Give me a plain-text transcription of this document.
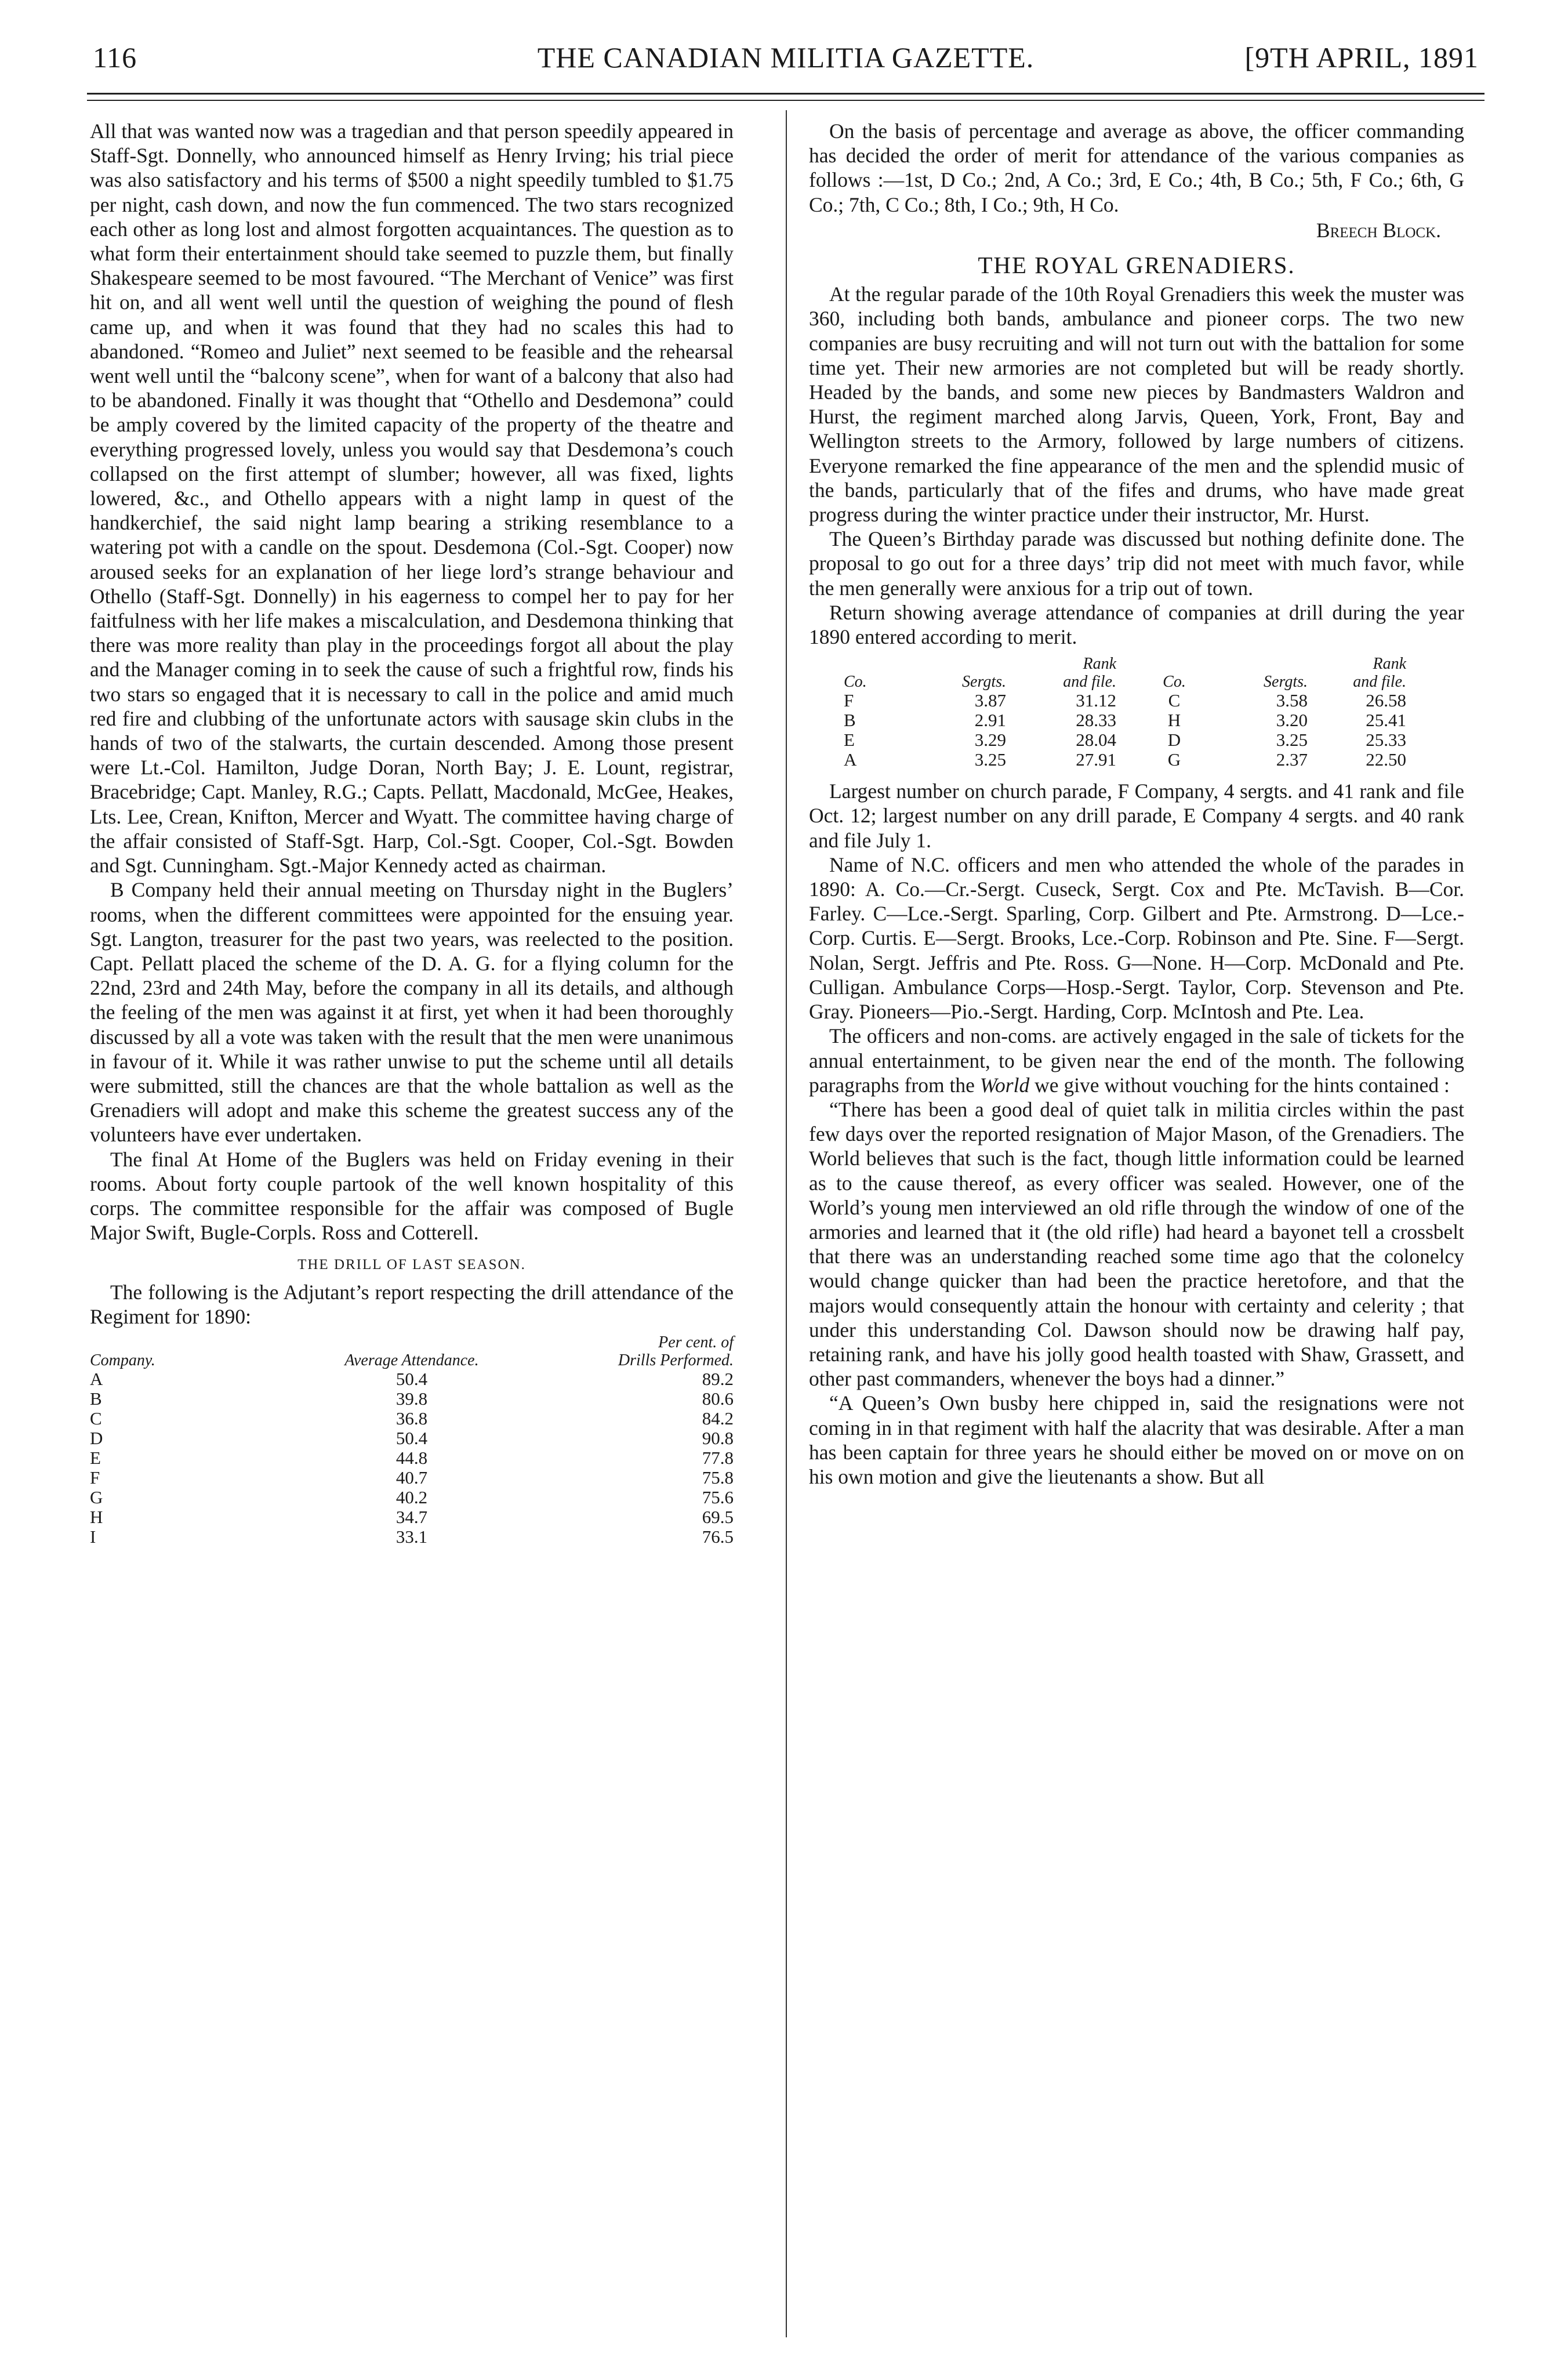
116	THE CANADIAN MILITIA GAZETTE.	[9TH APRIL, 1891

All that was wanted now was a tragedian and that person speedily appeared in Staff-Sgt. Donnelly, who announced himself as Henry Irving; his trial piece was also satisfactory and his terms of $500 a night speedily tumbled to $1.75 per night, cash down, and now the fun commenced. The two stars recognized each other as long lost and almost forgotten acquaintances. The question as to what form their entertainment should take seemed to puzzle them, but finally Shakespeare seemed to be most favoured. “The Merchant of Venice” was first hit on, and all went well until the question of weighing the pound of flesh came up, and when it was found that they had no scales this had to abandoned. “Romeo and Juliet” next seemed to be feasible and the rehearsal went well until the “balcony scene”, when for want of a balcony that also had to be abandoned. Finally it was thought that “Othello and Desdemona” could be amply covered by the limited capacity of the property of the theatre and everything progressed lovely, unless you would say that Desdemona’s couch collapsed on the first attempt of slumber; however, all was fixed, lights lowered, &c., and Othello appears with a night lamp in quest of the handkerchief, the said night lamp bearing a striking resemblance to a watering pot with a candle on the spout. Desdemona (Col.-Sgt. Cooper) now aroused seeks for an explanation of her liege lord’s strange behaviour and Othello (Staff-Sgt. Donnelly) in his eagerness to compel her to pay for her faitfulness with her life makes a miscalculation, and Desdemona thinking that there was more reality than play in the proceedings forgot all about the play and the Manager coming in to seek the cause of such a frightful row, finds his two stars so engaged that it is necessary to call in the police and amid much red fire and clubbing of the unfortunate actors with sausage skin clubs in the hands of two of the stalwarts, the curtain descended. Among those present were Lt.-Col. Hamilton, Judge Doran, North Bay; J. E. Lount, registrar, Bracebridge; Capt. Manley, R.G.; Capts. Pellatt, Macdonald, McGee, Heakes, Lts. Lee, Crean, Knifton, Mercer and Wyatt. The committee having charge of the affair consisted of Staff-Sgt. Harp, Col.-Sgt. Cooper, Col.-Sgt. Bowden and Sgt. Cunningham. Sgt.-Major Kennedy acted as chairman.

B Company held their annual meeting on Thursday night in the Buglers’ rooms, when the different committees were appointed for the ensuing year. Sgt. Langton, treasurer for the past two years, was reelected to the position. Capt. Pellatt placed the scheme of the D. A. G. for a flying column for the 22nd, 23rd and 24th May, before the company in all its details, and although the feeling of the men was against it at first, yet when it had been thoroughly discussed by all a vote was taken with the result that the men were unanimous in favour of it. While it was rather unwise to put the scheme until all details were submitted, still the chances are that the whole battalion as well as the Grenadiers will adopt and make this scheme the greatest success any of the volunteers have ever undertaken.

The final At Home of the Buglers was held on Friday evening in their rooms. About forty couple partook of the well known hospitality of this corps. The committee responsible for the affair was composed of Bugle Major Swift, Bugle-Corpls. Ross and Cotterell.

THE DRILL OF LAST SEASON.

The following is the Adjutant’s report respecting the drill attendance of the Regiment for 1890:

Per cent. of
Company.	Average Attendance.	Drills Performed.
A	50.4	89.2
B	39.8	80.6
C	36.8	84.2
D	50.4	90.8
E	44.8	77.8
F	40.7	75.8
G	40.2	75.6
H	34.7	69.5
I	33.1	76.5

On the basis of percentage and average as above, the officer commanding has decided the order of merit for attendance of the various companies as follows :—1st, D Co.; 2nd, A Co.; 3rd, E Co.; 4th, B Co.; 5th, F Co.; 6th, G Co.; 7th, C Co.; 8th, I Co.; 9th, H Co.

Breech Block.
THE ROYAL GRENADIERS.

At the regular parade of the 10th Royal Grenadiers this week the muster was 360, including both bands, ambulance and pioneer corps. The two new companies are busy recruiting and will not turn out with the battalion for some time yet. Their new armories are not completed but will be ready shortly. Headed by the bands, and some new pieces by Bandmasters Waldron and Hurst, the regiment marched along Jarvis, Queen, York, Front, Bay and Wellington streets to the Armory, followed by large numbers of citizens. Everyone remarked the fine appearance of the men and the splendid music of the bands, particularly that of the fifes and drums, who have made great progress during the winter practice under their instructor, Mr. Hurst.

The Queen’s Birthday parade was discussed but nothing definite done. The proposal to go out for a three days’ trip did not meet with much favor, while the men generally were anxious for a trip out of town.

Return showing average attendance of companies at drill during the year 1890 entered according to merit.

Rank	Rank
Co.	Sergts.	and file.	Co.	Sergts.	and file.
F	3.87	31.12	C	3.58	26.58
B	2.91	28.33	H	3.20	25.41
E	3.29	28.04	D	3.25	25.33
A	3.25	27.91	G	2.37	22.50

Largest number on church parade, F Company, 4 sergts. and 41 rank and file Oct. 12; largest number on any drill parade, E Company 4 sergts. and 40 rank and file July 1.

Name of N.C. officers and men who attended the whole of the parades in 1890: A. Co.—Cr.-Sergt. Cuseck, Sergt. Cox and Pte. McTavish. B—Cor. Farley. C—Lce.-Sergt. Sparling, Corp. Gilbert and Pte. Armstrong. D—Lce.-Corp. Curtis. E—Sergt. Brooks, Lce.-Corp. Robinson and Pte. Sine. F—Sergt. Nolan, Sergt. Jeffris and Pte. Ross. G—None. H—Corp. McDonald and Pte. Culligan. Ambulance Corps—Hosp.-Sergt. Taylor, Corp. Stevenson and Pte. Gray. Pioneers—Pio.-Sergt. Harding, Corp. McIntosh and Pte. Lea.

The officers and non-coms. are actively engaged in the sale of tickets for the annual entertainment, to be given near the end of the month. The following paragraphs from the World we give without vouching for the hints contained :

“There has been a good deal of quiet talk in militia circles within the past few days over the reported resignation of Major Mason, of the Grenadiers. The World believes that such is the fact, though little information could be learned as to the cause thereof, as every officer was sealed. However, one of the World’s young men interviewed an old rifle through the window of one of the armories and learned that it (the old rifle) had heard a bayonet tell a crossbelt that there was an understanding reached some time ago that the colonelcy would change quicker than had been the practice heretofore, and that the majors would consequently attain the honour with certainty and celerity ; that under this understanding Col. Dawson should now be drawing half pay, retaining rank, and have his jolly good health toasted with Shaw, Grassett, and other past commanders, whenever the boys had a dinner.”

“A Queen’s Own busby here chipped in, said the resignations were not coming in in that regiment with half the alacrity that was desirable. After a man has been captain for three years he should either be moved on or move on on his own motion and give the lieutenants a show. But all
